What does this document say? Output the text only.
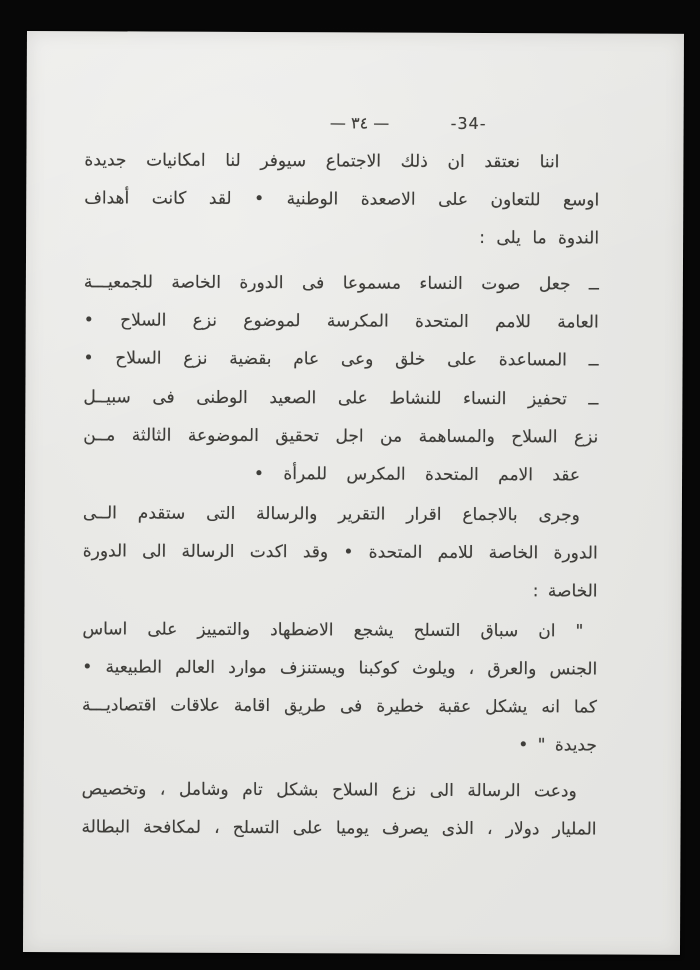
— ٣٤ —	-34-
اننا نعتقد ان ذلك الاجتماع سيوفر لنا امكانيات جديدة
اوسع للتعاون على الاصعدة الوطنية • لقد كانت أهداف
الندوة ما يلى :
ــ جعل صوت النساء مسموعا فى الدورة الخاصة للجمعيـــة
العامة للامم المتحدة المكرسة لموضوع نزع السلاح •
ــ المساعدة على خلق وعى عام بقضية نزع السلاح •
ــ تحفيز النساء للنشاط على الصعيد الوطنى فى سبيــل
نزع السلاح والمساهمة من اجل تحقيق الموضوعة الثالثة مــن
عقد الامم المتحدة المكرس للمرأة •
وجرى بالاجماع اقرار التقرير والرسالة التى ستقدم الــى
الدورة الخاصة للامم المتحدة • وقد اكدت الرسالة الى الدورة
الخاصة :
" ان سباق التسلح يشجع الاضطهاد والتمييز على اساس
الجنس والعرق ، ويلوث كوكبنا ويستنزف موارد العالم الطبيعية •
كما انه يشكل عقبة خطيرة فى طريق اقامة علاقات اقتصاديـــة
جديدة " •
ودعت الرسالة الى نزع السلاح بشكل تام وشامل ، وتخصيص
المليار دولار ، الذى يصرف يوميا على التسلح ، لمكافحة البطالة
